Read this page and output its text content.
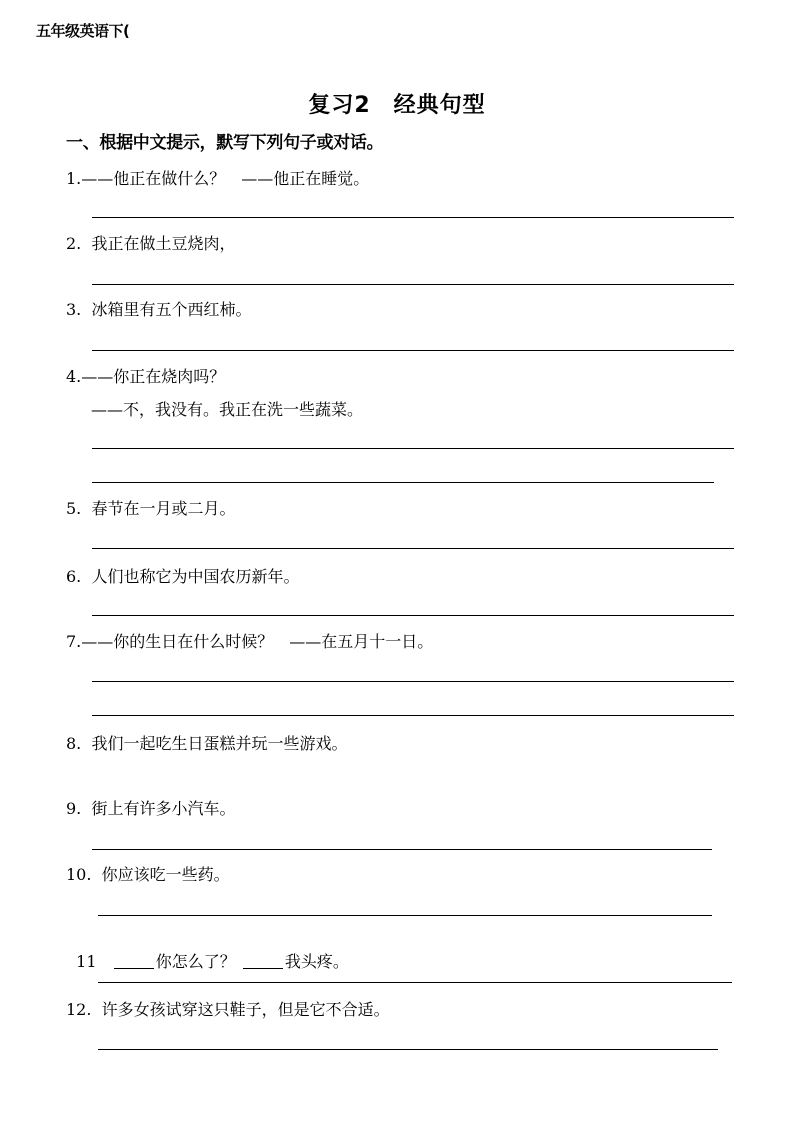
五年级英语下(
复习2　经典句型
一、根据中文提示，默写下列句子或对话。
1.——他正在做什么？　——他正在睡觉。
2.  我正在做土豆烧肉，
3.  冰箱里有五个西红柿。
4.——你正在烧肉吗？
——不，我没有。我正在洗一些蔬菜。
5.  春节在一月或二月。
6.  人们也称它为中国农历新年。
7.——你的生日在什么时候？　——在五月十一日。
8.  我们一起吃生日蛋糕并玩一些游戏。
9.  街上有许多小汽车。
10.  你应该吃一些药。

11	你怎么了？	我头疼。

12.  许多女孩试穿这只鞋子，但是它不合适。
